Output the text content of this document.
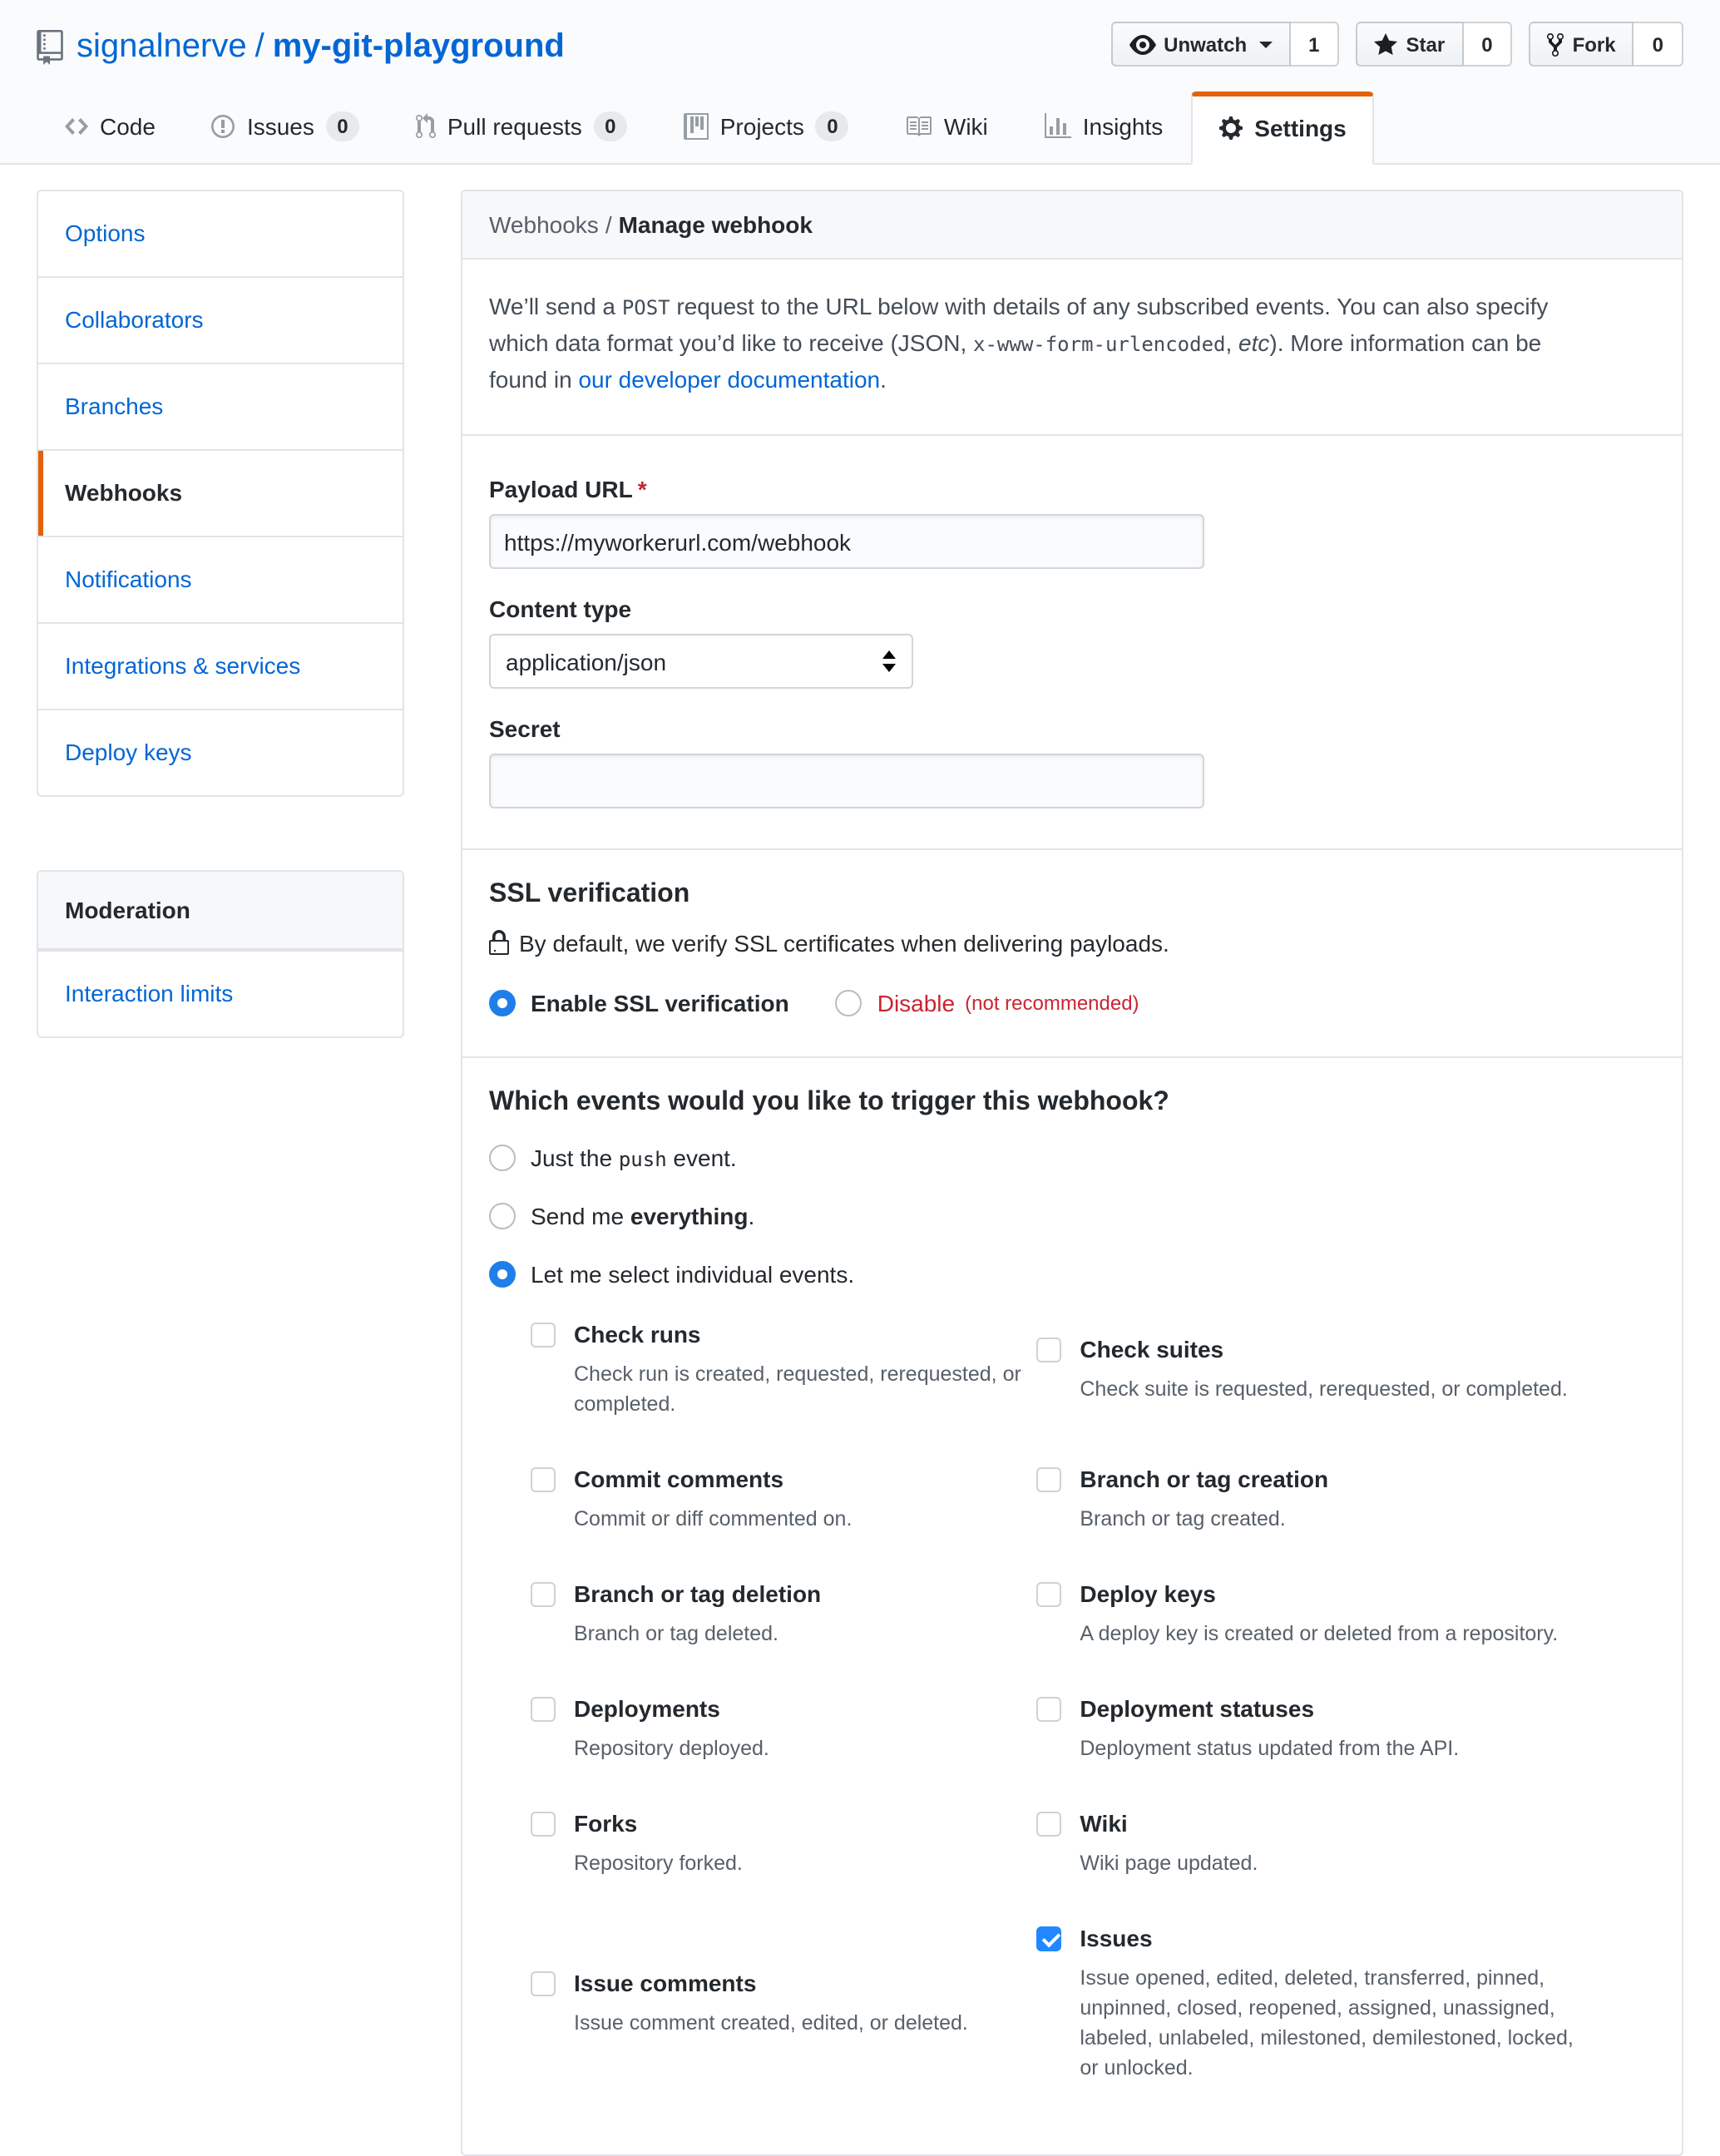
signalnerve / my-git-playground	Unwatch	1	Star	0	Fork	0
Code	Issues	0	Pull requests	0	Projects	0	Wiki	Insights	Settings
Options
Collaborators
Branches
Webhooks
Notifications
Integrations & services
Deploy keys
Moderation
Interaction limits
Webhooks / Manage webhook

We’ll send a POST request to the URL below with details of any subscribed events. You can also specify which data format you’d like to receive (JSON, x-www-form-urlencoded, etc). More information can be found in our developer documentation.

Payload URL *
https://myworkerurl.com/webhook
Content type
application/json
Secret
SSL verification
By default, we verify SSL certificates when delivering payloads.
Enable SSL verification	Disable (not recommended)
Which events would you like to trigger this webhook?
Just the push event.
Send me everything.
Let me select individual events.
Check runs
Check run is created, requested, rerequested, or completed.	Check suites
Check suite is requested, rerequested, or completed.

Commit comments
Commit or diff commented on.	Branch or tag creation
Branch or tag created.

Branch or tag deletion
Branch or tag deleted.	Deploy keys
A deploy key is created or deleted from a repository.

Deployments
Repository deployed.	Deployment statuses
Deployment status updated from the API.

Forks
Repository forked.	Wiki
Wiki page updated.

Issue comments
Issue comment created, edited, or deleted.	Issues
Issue opened, edited, deleted, transferred, pinned, unpinned, closed, reopened, assigned, unassigned, labeled, unlabeled, milestoned, demilestoned, locked, or unlocked.
